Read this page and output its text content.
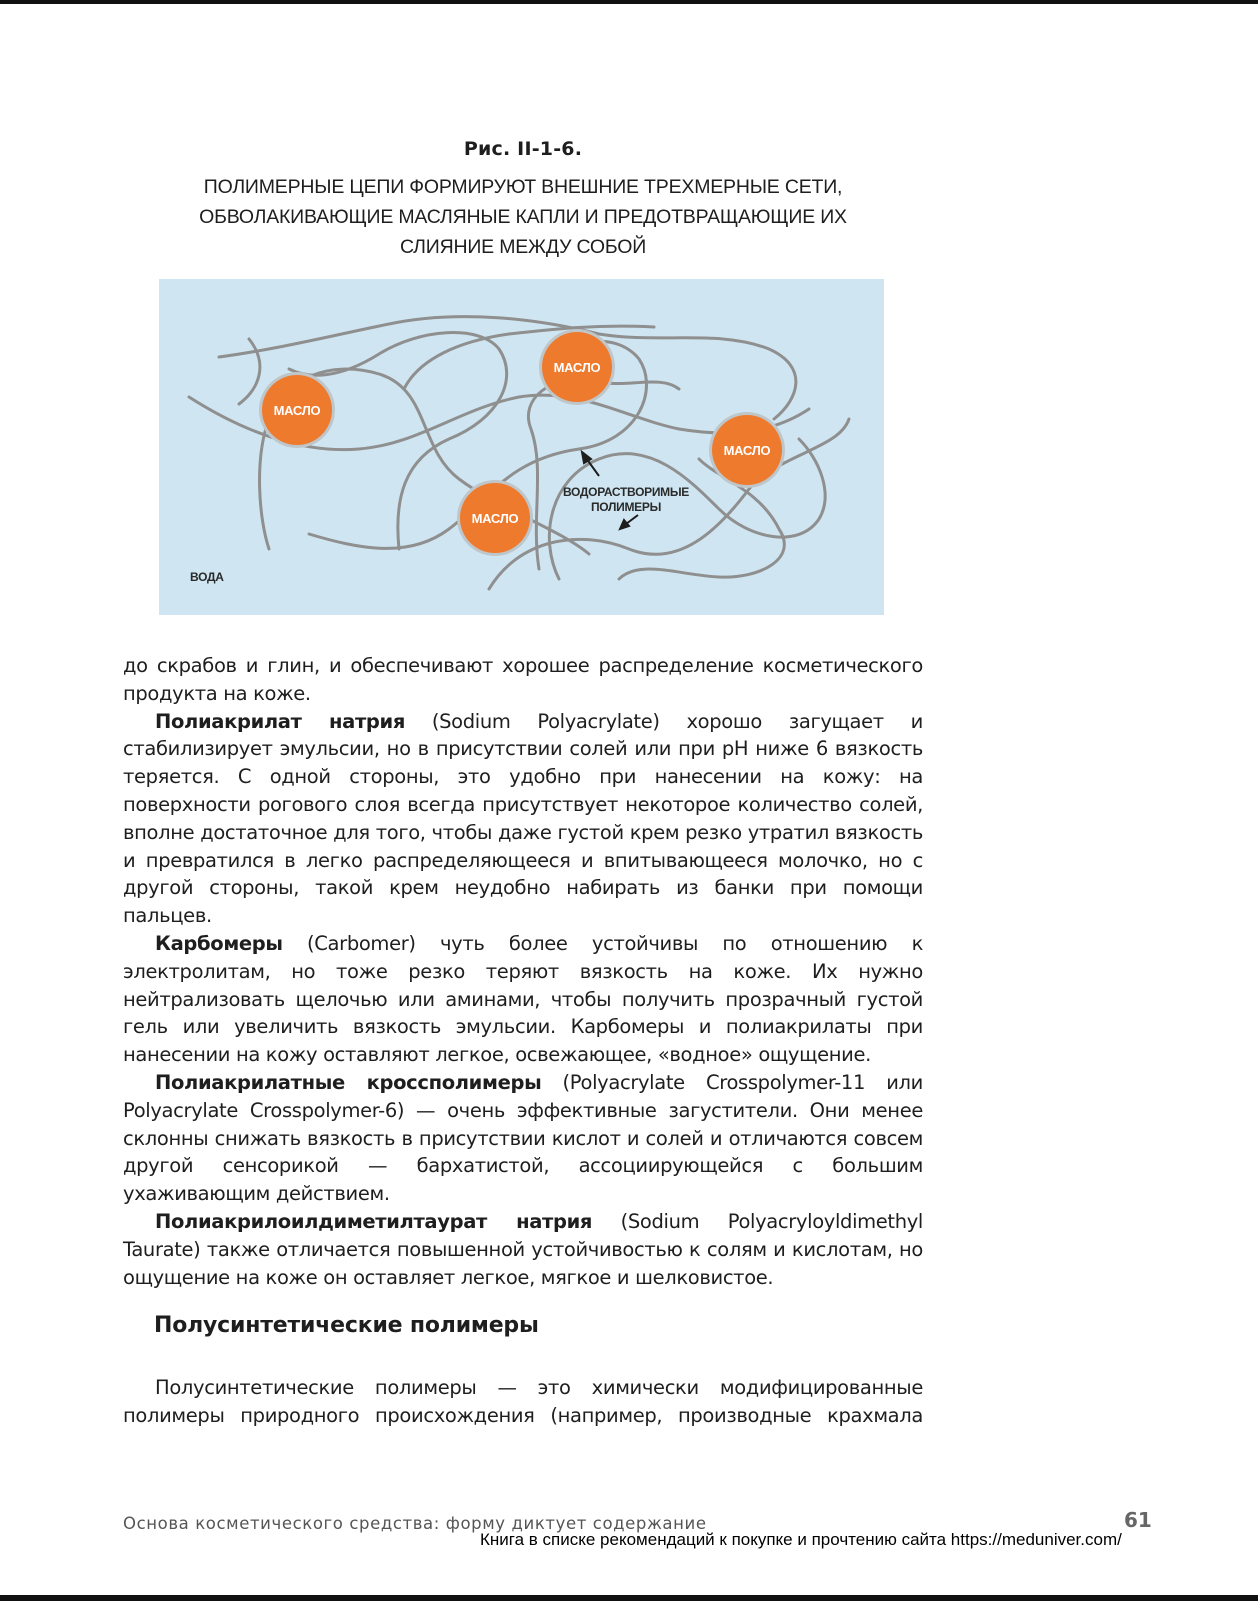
Рис. II-1-6.
ПОЛИМЕРНЫЕ ЦЕПИ ФОРМИРУЮТ ВНЕШНИЕ ТРЕХМЕРНЫЕ СЕТИ,
ОБВОЛАКИВАЮЩИЕ МАСЛЯНЫЕ КАПЛИ И ПРЕДОТВРАЩАЮЩИЕ ИХ
СЛИЯНИЕ МЕЖДУ СОБОЙ
МАСЛО
МАСЛО
МАСЛО
МАСЛО
ВОДОРАСТВОРИМЫЕ
ПОЛИМЕРЫ
ВОДА

до скрабов и глин, и обеспечивают хорошее распределение косметического продукта на коже.

Полиакрилат натрия (Sodium Polyacrylate) хорошо загущает и стабилизирует эмульсии, но в присутствии солей или при pH ниже 6 вязкость теряется. С одной стороны, это удобно при нанесении на кожу: на поверхности рогового слоя всегда присутствует некоторое количество солей, вполне достаточное для того, чтобы даже густой крем резко утратил вязкость и превратился в легко распределяющееся и впитывающееся молочко, но с другой стороны, такой крем неудобно набирать из банки при помощи пальцев.

Карбомеры (Carbomer) чуть более устойчивы по отношению к электролитам, но тоже резко теряют вязкость на коже. Их нужно нейтрализовать щелочью или аминами, чтобы получить прозрачный густой гель или увеличить вязкость эмульсии. Карбомеры и полиакрилаты при нанесении на кожу оставляют легкое, освежающее, «водное» ощущение.

Полиакрилатные кроссполимеры (Polyacrylate Crosspolymer-11 или Polyacrylate Crosspolymer-6) — очень эффективные загустители. Они менее склонны снижать вязкость в присутствии кислот и солей и отличаются совсем другой сенсорикой — бархатистой, ассоциирующейся с большим ухаживающим действием.

Полиакрилоилдиметилтаурат натрия (Sodium Polyacryloyldimethyl Taurate) также отличается повышенной устойчивостью к солям и кислотам, но ощущение на коже он оставляет легкое, мягкое и шелковистое.

Полусинтетические полимеры

Полусинтетические полимеры — это химически модифицированные полимеры природного происхождения (например, производные крахмала

Основа косметического средства: форму диктует содержание	61
Книга в списке рекомендаций к покупке и прочтению сайта https://meduniver.com/
